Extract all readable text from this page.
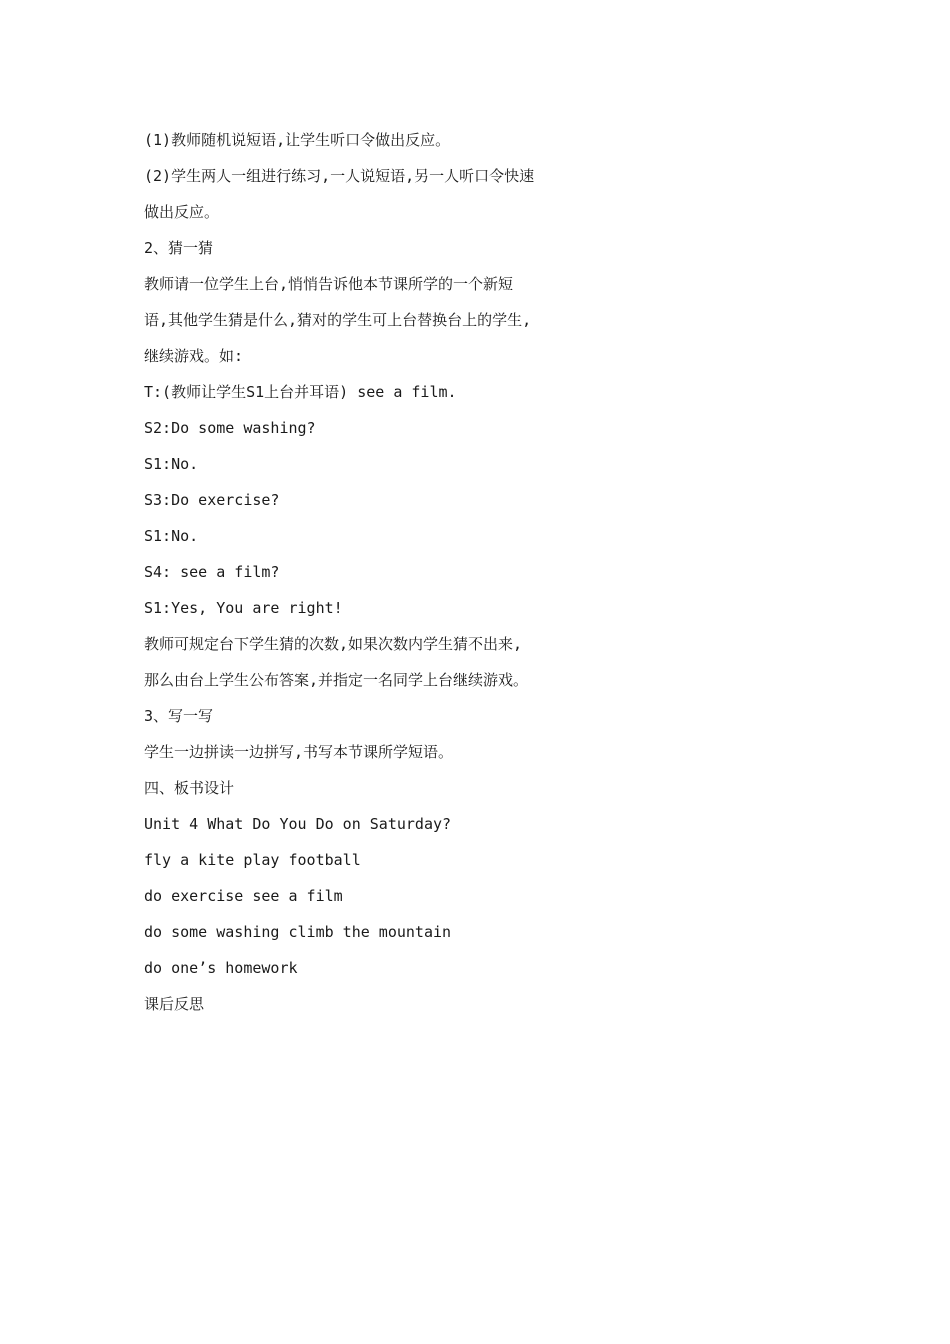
(1)教师随机说短语,让学生听口令做出反应。
(2)学生两人一组进行练习,一人说短语,另一人听口令快速
做出反应。
2、猜一猜
教师请一位学生上台,悄悄告诉他本节课所学的一个新短
语,其他学生猜是什么,猜对的学生可上台替换台上的学生,
继续游戏。如:
T:(教师让学生S1上台并耳语) see a film.
S2:Do some washing?
S1:No.
S3:Do exercise?
S1:No.
S4: see a film?
S1:Yes, You are right!
教师可规定台下学生猜的次数,如果次数内学生猜不出来,
那么由台上学生公布答案,并指定一名同学上台继续游戏。
3、写一写
学生一边拼读一边拼写,书写本节课所学短语。
四、板书设计
Unit 4 What Do You Do on Saturday?
fly a kite play football
do exercise see a film
do some washing climb the mountain
do one’s homework
课后反思
